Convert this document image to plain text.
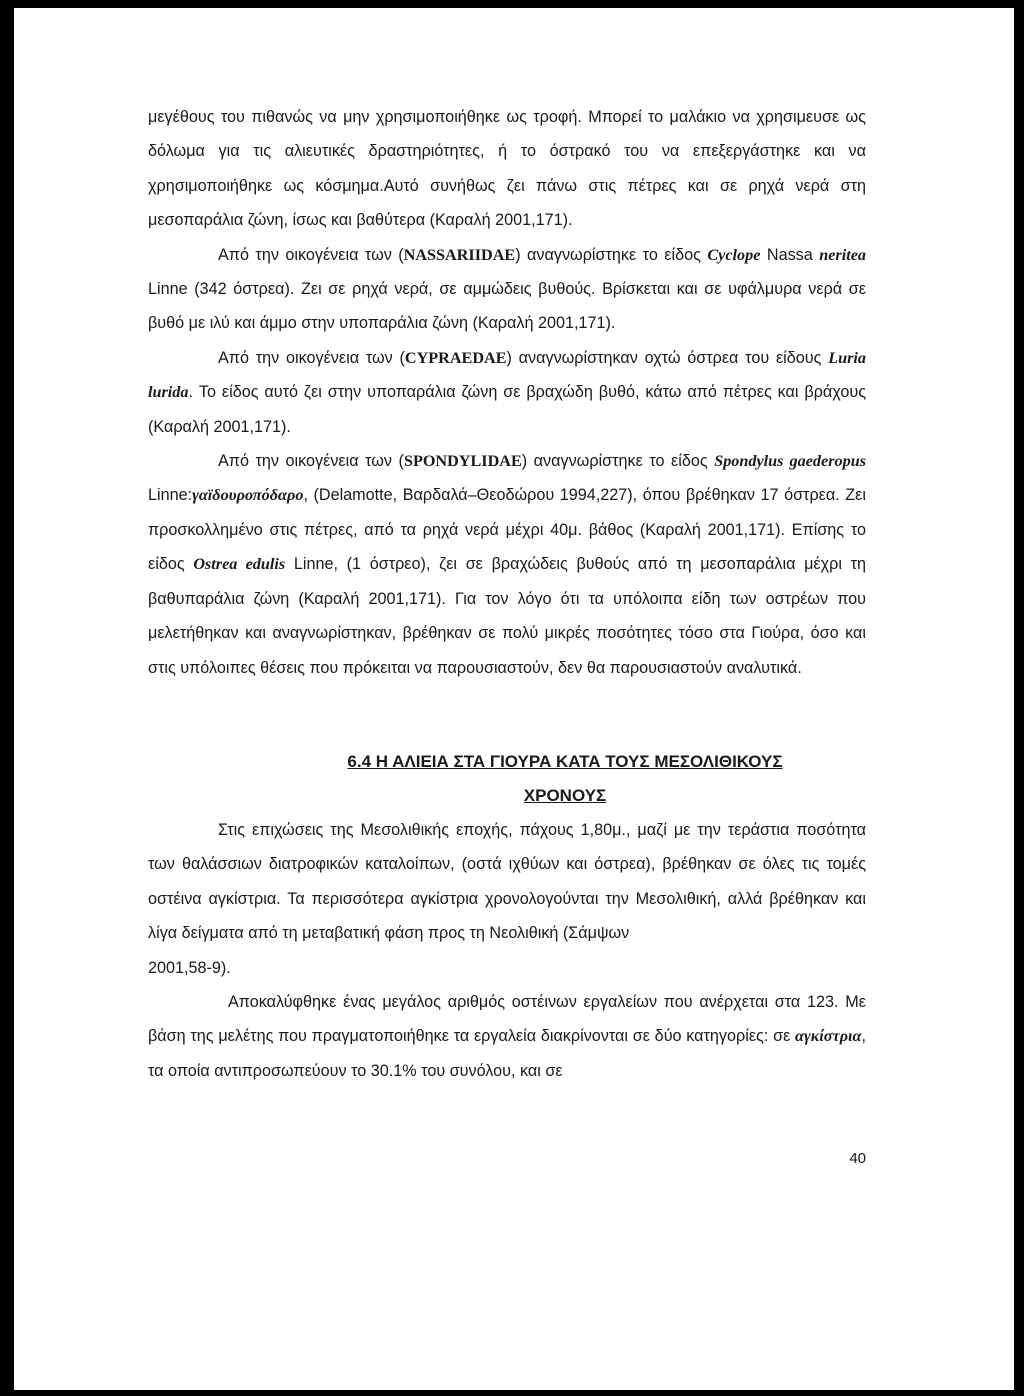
μεγέθους του πιθανώς να μην χρησιμοποιήθηκε ως τροφή. Μπορεί το μαλάκιο να χρησιμευσε ως δόλωμα για τις αλιευτικές δραστηριότητες, ή το όστρακό του να επεξεργάστηκε και να χρησιμοποιήθηκε ως κόσμημα.Αυτό συνήθως ζει πάνω στις πέτρες και σε ρηχά νερά στη μεσοπαράλια ζώνη, ίσως και βαθύτερα (Καραλή 2001,171).

Από την οικογένεια των (NASSARIIDAE) αναγνωρίστηκε το είδος Cyclope Nassa neritea Linne (342 όστρεα). Ζει σε ρηχά νερά, σε αμμώδεις βυθούς. Βρίσκεται και σε υφάλμυρα νερά σε βυθό με ιλύ και άμμο στην υποπαράλια ζώνη (Καραλή 2001,171).

Από την οικογένεια των (CYPRAEDAE) αναγνωρίστηκαν οχτώ όστρεα του είδους Luria lurida. Το είδος αυτό ζει στην υποπαράλια ζώνη σε βραχώδη βυθό, κάτω από πέτρες και βράχους (Καραλή 2001,171).

Από την οικογένεια των (SPONDYLIDAE) αναγνωρίστηκε το είδος Spondylus gaederopus Linne:γαϊδουροπόδαρο, (Delamotte, Βαρδαλά–Θεοδώρου 1994,227), όπου βρέθηκαν 17 όστρεα. Ζει προσκολλημένο στις πέτρες, από τα ρηχά νερά μέχρι 40μ. βάθος (Καραλή 2001,171). Επίσης το είδος Ostrea edulis Linne, (1 όστρεο), ζει σε βραχώδεις βυθούς από τη μεσοπαράλια μέχρι τη βαθυπαράλια ζώνη (Καραλή 2001,171). Για τον λόγο ότι τα υπόλοιπα είδη των οστρέων που μελετήθηκαν και αναγνωρίστηκαν, βρέθηκαν σε πολύ μικρές ποσότητες τόσο στα Γιούρα, όσο και στις υπόλοιπες θέσεις που πρόκειται να παρουσιαστούν, δεν θα παρουσιαστούν αναλυτικά.

6.4 Η ΑΛΙΕΙΑ ΣΤΑ ΓΙΟΥΡΑ ΚΑΤΑ ΤΟΥΣ ΜΕΣΟΛΙΘΙΚΟΥΣ

ΧΡΟΝΟΥΣ

Στις επιχώσεις της Μεσολιθικής εποχής, πάχους 1,80μ., μαζί με την τεράστια ποσότητα των θαλάσσιων διατροφικών καταλοίπων, (οστά ιχθύων και όστρεα), βρέθηκαν σε όλες τις τομές οστέινα αγκίστρια. Τα περισσότερα αγκίστρια χρονολογούνται την Μεσολιθική, αλλά βρέθηκαν και λίγα δείγματα από τη μεταβατική φάση προς τη Νεολιθική (Σάμψων
2001,58-9).

Αποκαλύφθηκε ένας μεγάλος αριθμός οστέινων εργαλείων που ανέρχεται στα 123. Με βάση της μελέτης που πραγματοποιήθηκε τα εργαλεία διακρίνονται σε δύο κατηγορίες: σε αγκίστρια, τα οποία αντιπροσωπεύουν το 30.1% του συνόλου, και σε

40
